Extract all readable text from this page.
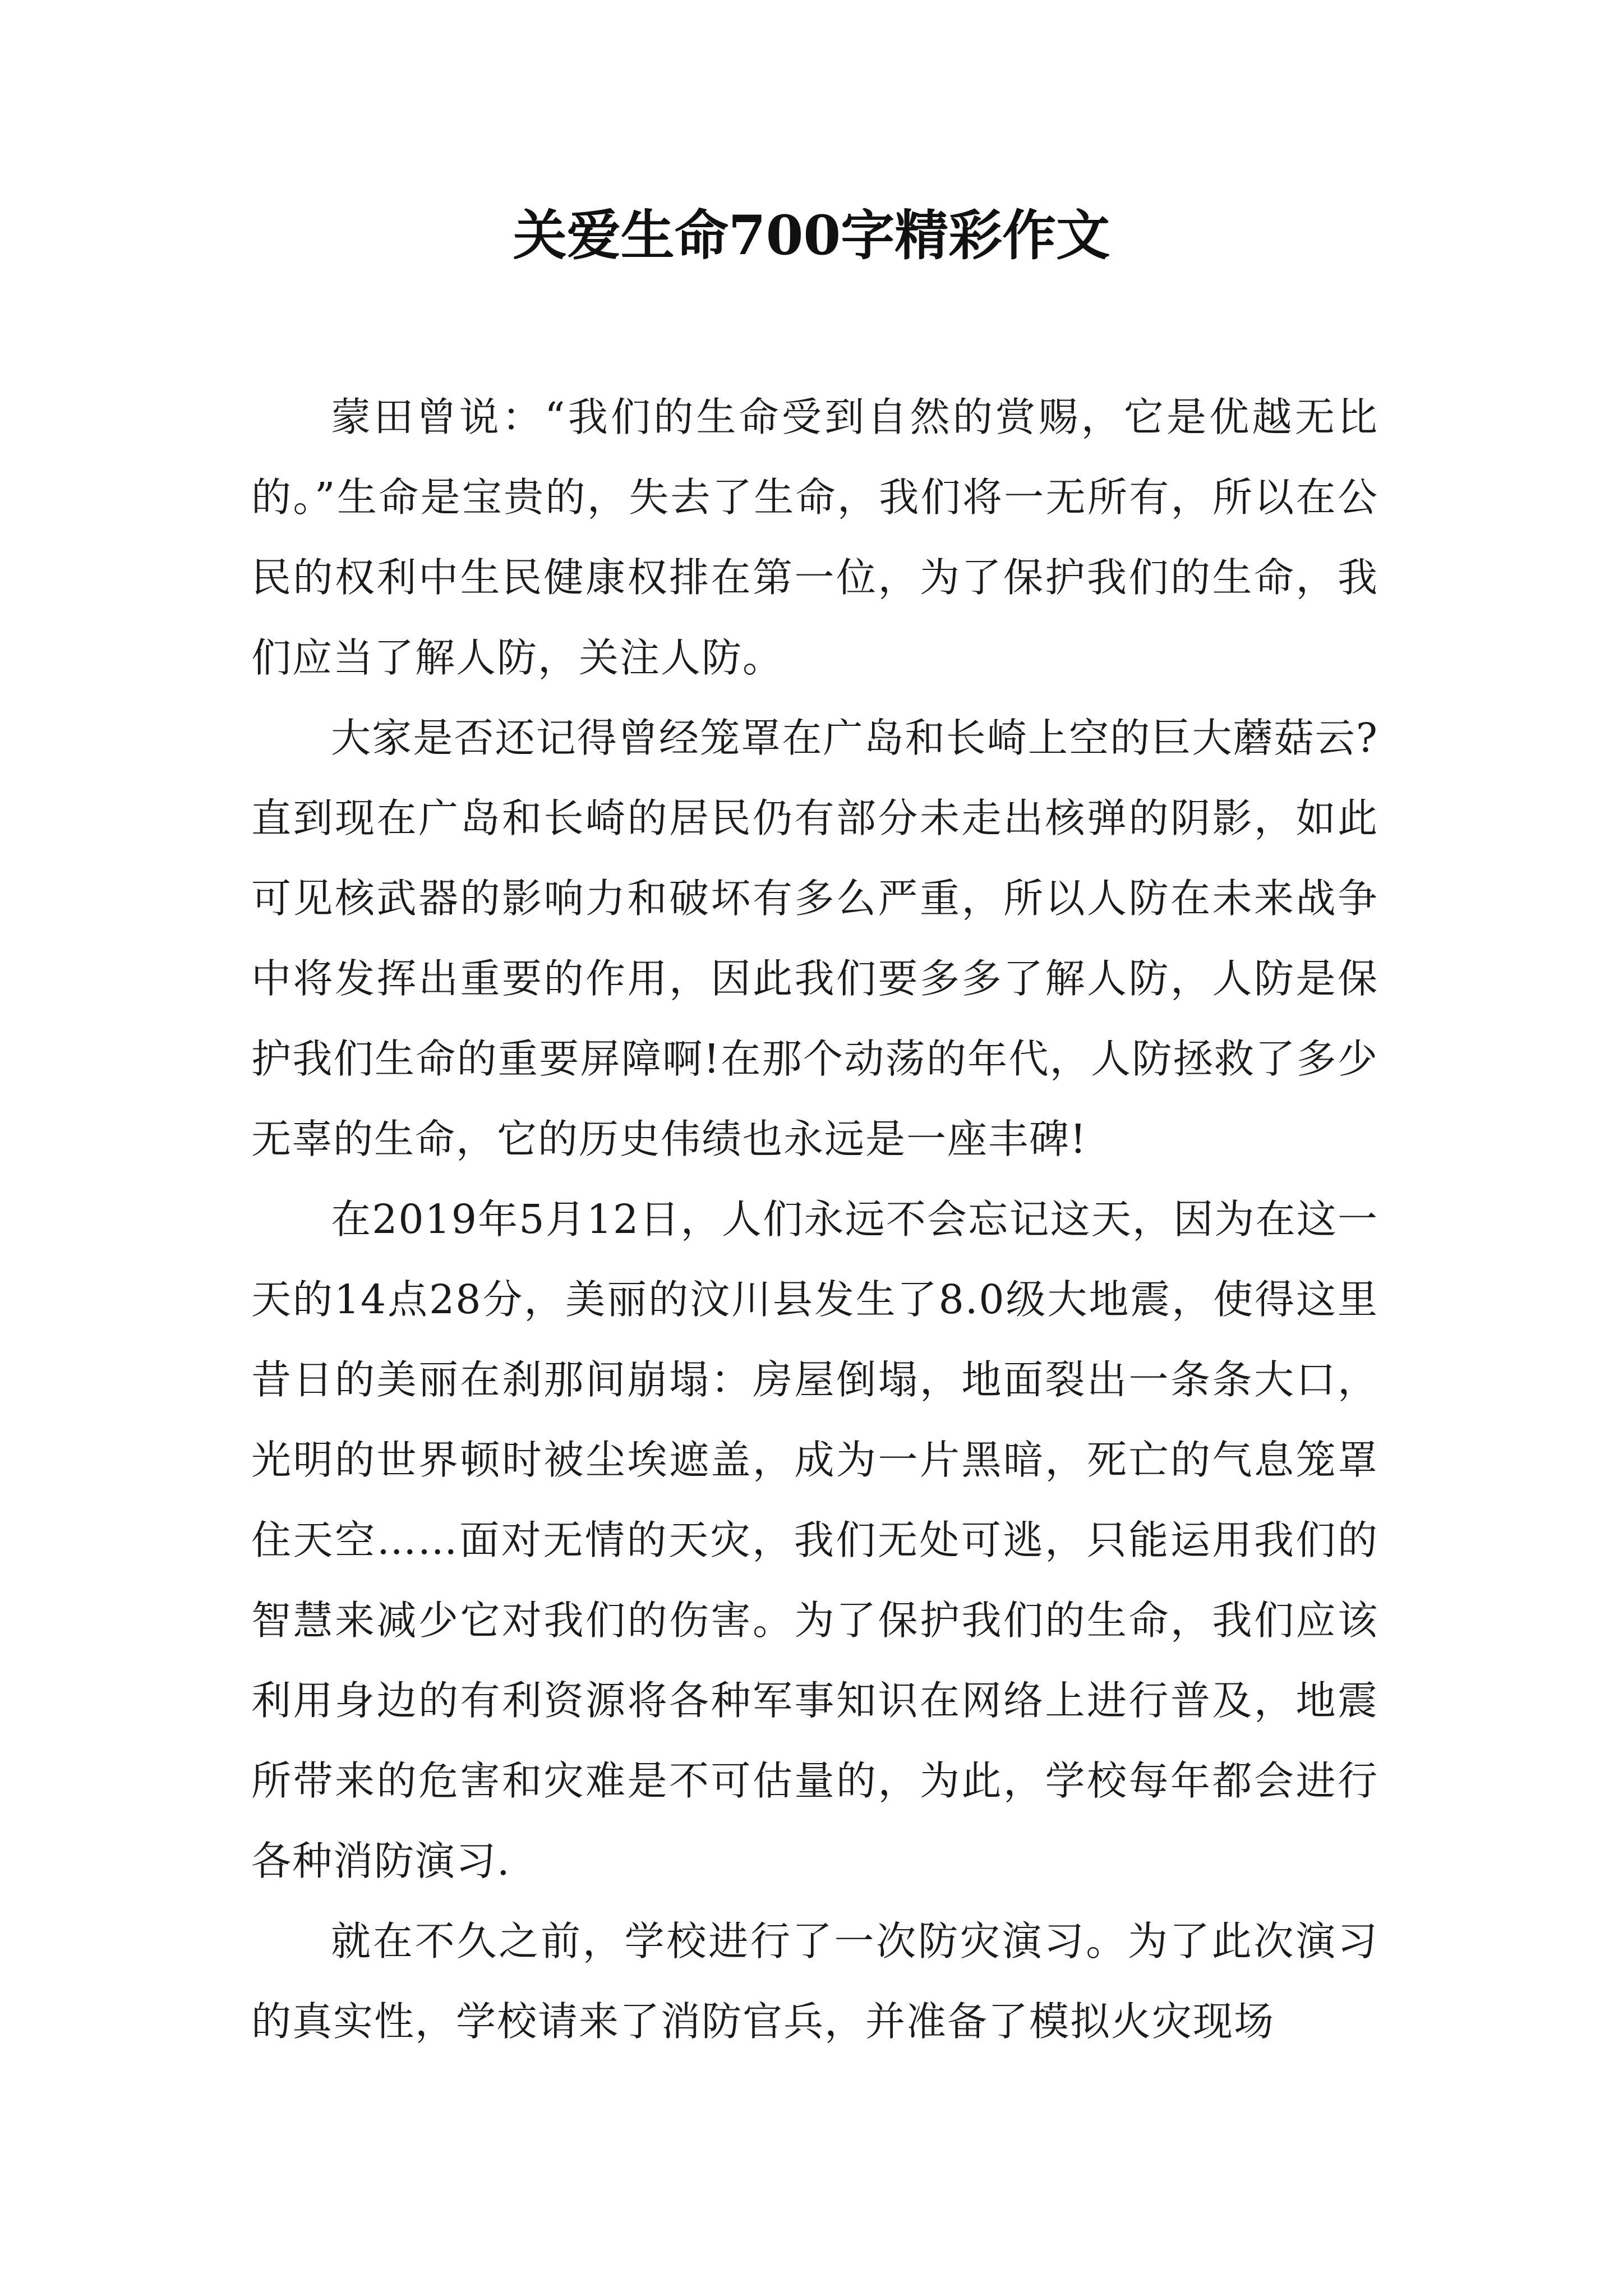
关爱生命700字精彩作文

蒙田曾说：“我们的生命受到自然的赏赐，它是优越无比的。”生命是宝贵的，失去了生命，我们将一无所有，所以在公民的权利中生民健康权排在第一位，为了保护我们的生命，我们应当了解人防，关注人防。

大家是否还记得曾经笼罩在广岛和长崎上空的巨大蘑菇云?直到现在广岛和长崎的居民仍有部分未走出核弹的阴影，如此可见核武器的影响力和破坏有多么严重，所以人防在未来战争中将发挥出重要的作用，因此我们要多多了解人防，人防是保护我们生命的重要屏障啊!在那个动荡的年代，人防拯救了多少无辜的生命，它的历史伟绩也永远是一座丰碑!

在2019年5月12日，人们永远不会忘记这天，因为在这一天的14点28分，美丽的汶川县发生了8.0级大地震，使得这里昔日的美丽在刹那间崩塌：房屋倒塌，地面裂出一条条大口，光明的世界顿时被尘埃遮盖，成为一片黑暗，死亡的气息笼罩住天空……面对无情的天灾，我们无处可逃，只能运用我们的智慧来减少它对我们的伤害。为了保护我们的生命，我们应该利用身边的有利资源将各种军事知识在网络上进行普及，地震所带来的危害和灾难是不可估量的，为此，学校每年都会进行各种消防演习.

就在不久之前，学校进行了一次防灾演习。为了此次演习的真实性，学校请来了消防官兵，并准备了模拟火灾现场
